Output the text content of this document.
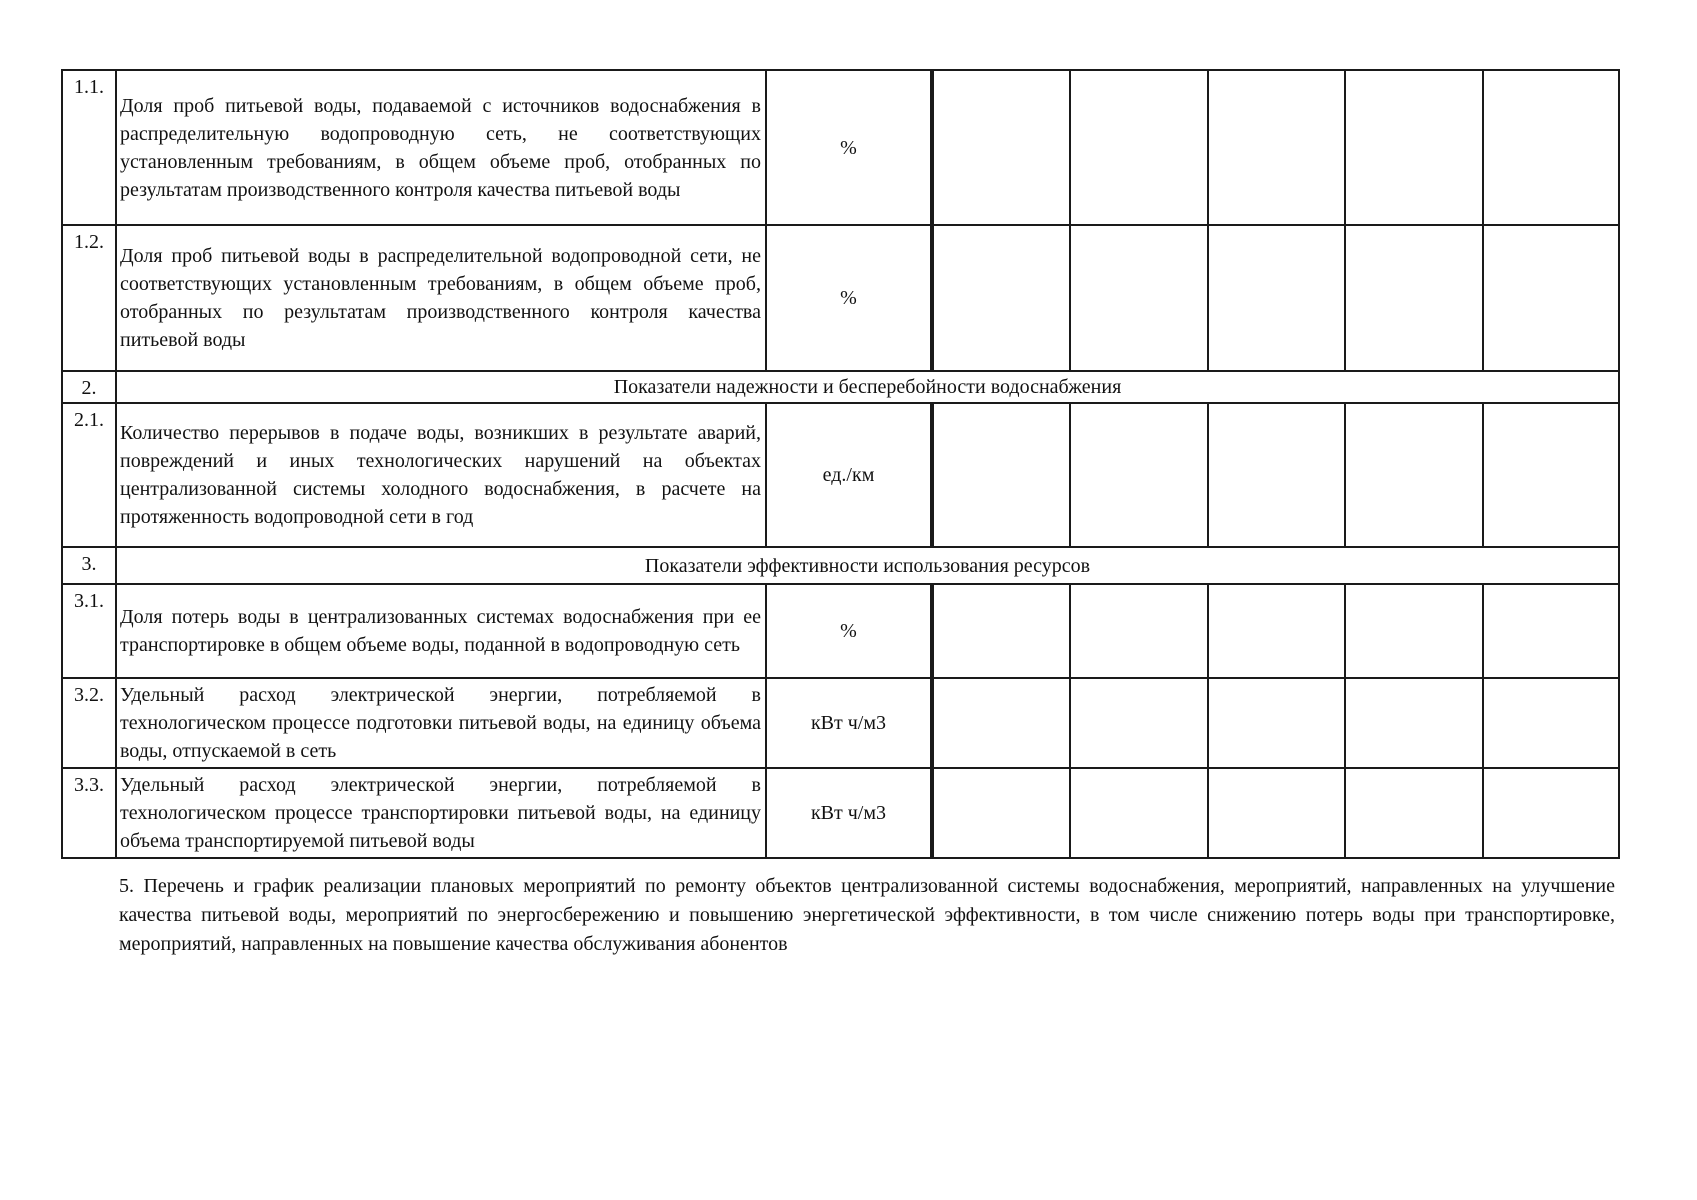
1.1.	Доля проб питьевой воды, подаваемой с источников водоснабжения в распределительную водопроводную сеть, не соответствующих установленным требованиям, в общем объеме проб, отобранных по результатам производственного контроля качества питьевой воды	%						
1.2.	Доля проб питьевой воды в распределительной водопроводной сети, не соответствующих установленным требованиям, в общем объеме проб, отобранных по результатам производственного контроля качества питьевой воды	%						
2.	Показатели надежности и бесперебойности водоснабжения							
2.1.	Количество перерывов в подаче воды, возникших в результате аварий, повреждений и иных технологических нарушений на объектах централизованной системы холодного водоснабжения, в расчете на протяженность водопроводной сети в год	ед./км						
3.	Показатели эффективности использования ресурсов							
3.1.	Доля потерь воды в централизованных системах водоснабжения при ее транспортировке в общем объеме воды, поданной в водопроводную сеть	%						
3.2.	Удельный расход электрической энергии, потребляемой в технологическом процессе подготовки питьевой воды, на единицу объема воды, отпускаемой в сеть	кВт ч/м3						
3.3.	Удельный расход электрической энергии, потребляемой в технологическом процессе транспортировки питьевой воды, на единицу объема транспортируемой питьевой воды	кВт ч/м3						

5. Перечень и график реализации плановых мероприятий по ремонту объектов централизованной системы водоснабжения, мероприятий, направленных на улучшение качества питьевой воды, мероприятий по энергосбережению и повышению энергетической эффективности, в том числе снижению потерь воды при транспортировке, мероприятий, направленных на повышение качества обслуживания абонентов
